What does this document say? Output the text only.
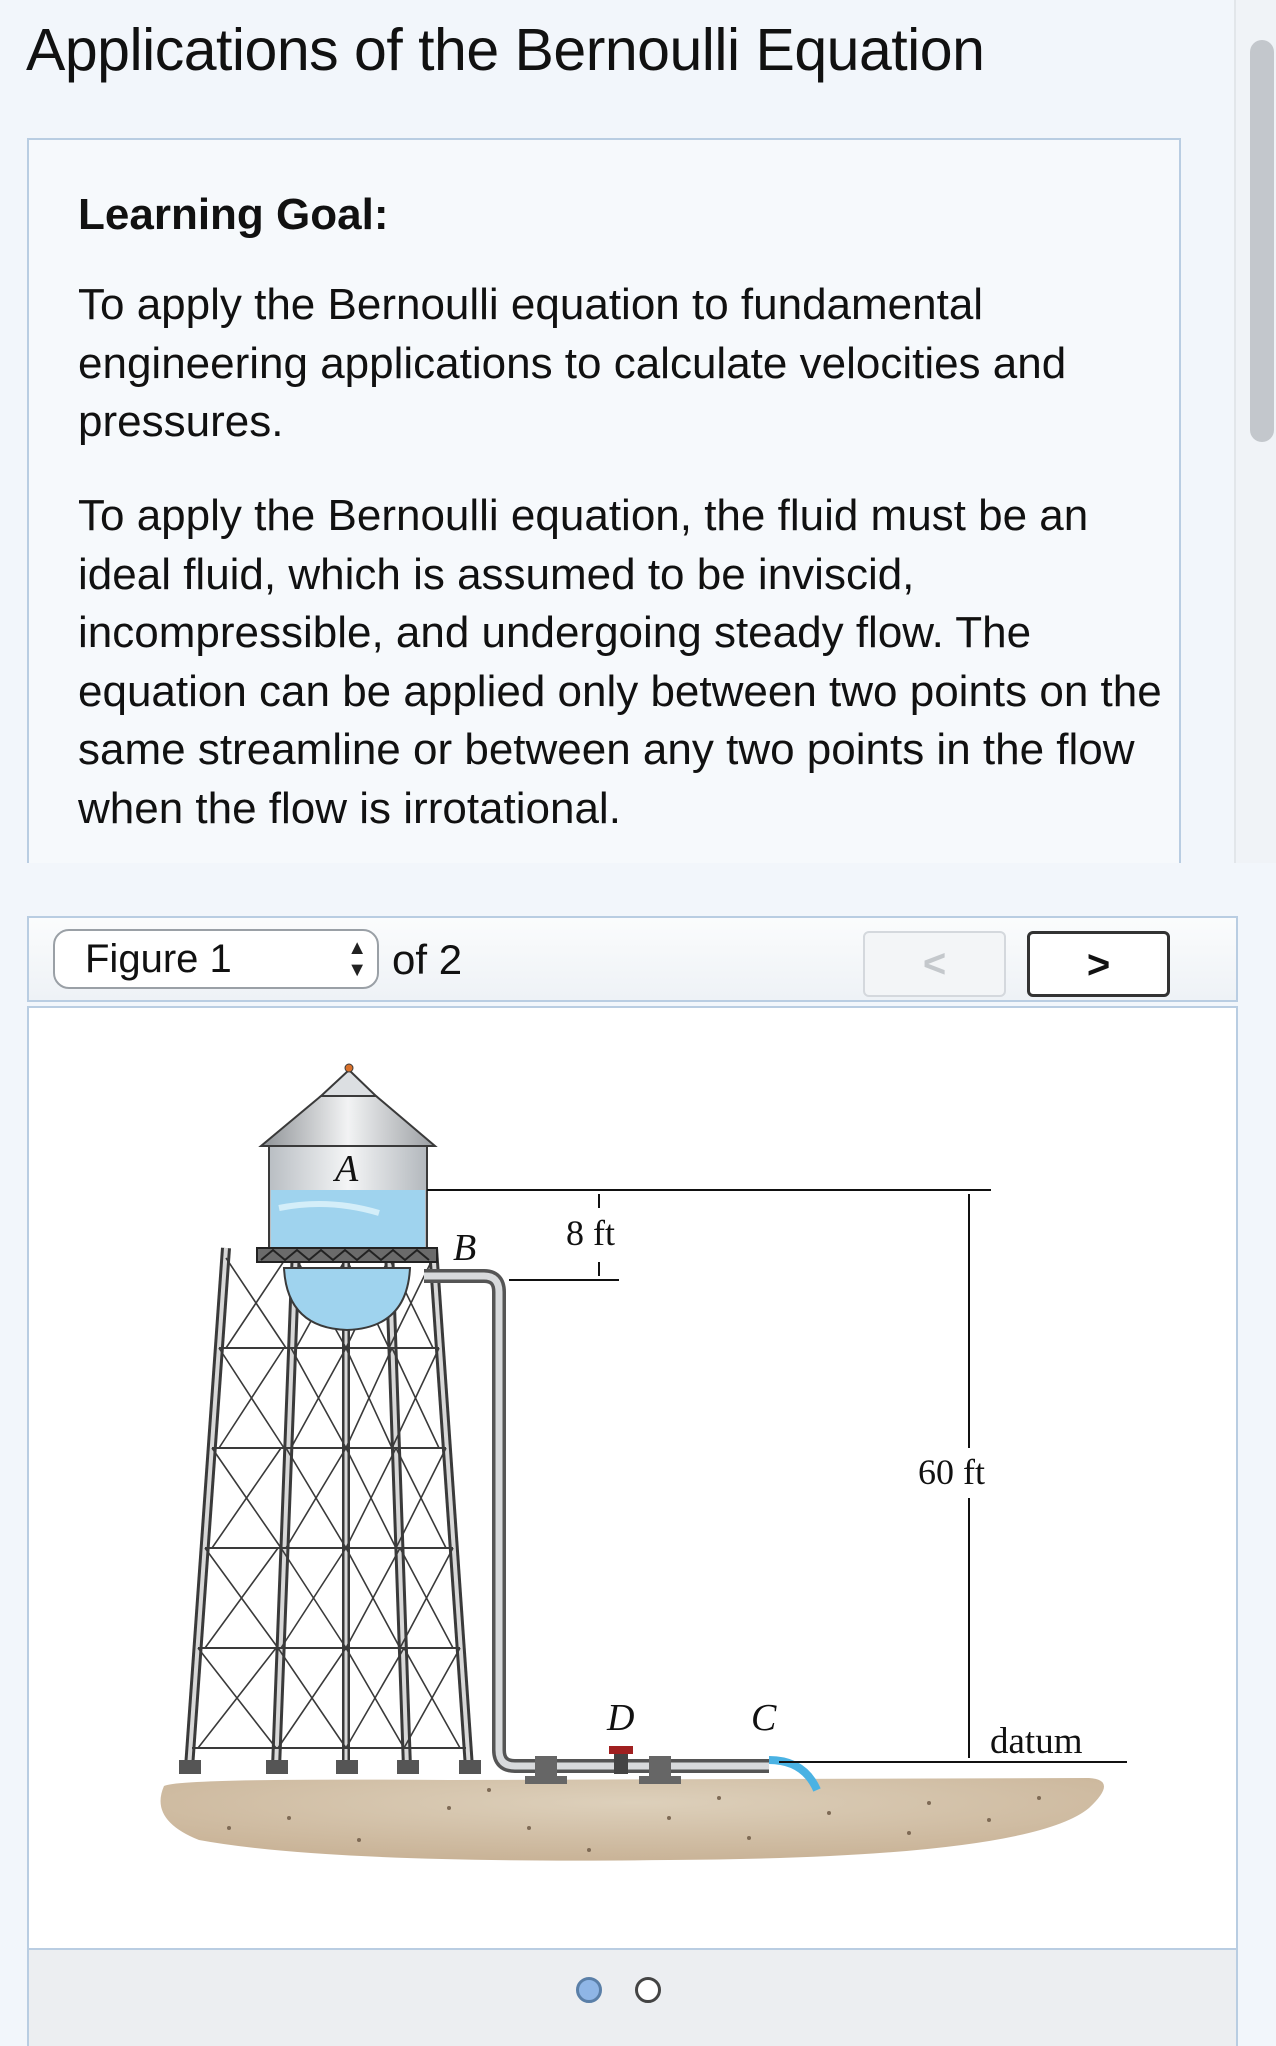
Applications of the Bernoulli Equation
Learning Goal:

To apply the Bernoulli equation to fundamental engineering applications to calculate velocities and pressures.

To apply the Bernoulli equation, the fluid must be an ideal fluid, which is assumed to be inviscid, incompressible, and undergoing steady flow. The equation can be applied only between two points on the same streamline or between any two points in the flow when the flow is irrotational.

Figure 1	▲
▼ of 2	<	>
A
B
C
D
8 ft
60 ft
datum
